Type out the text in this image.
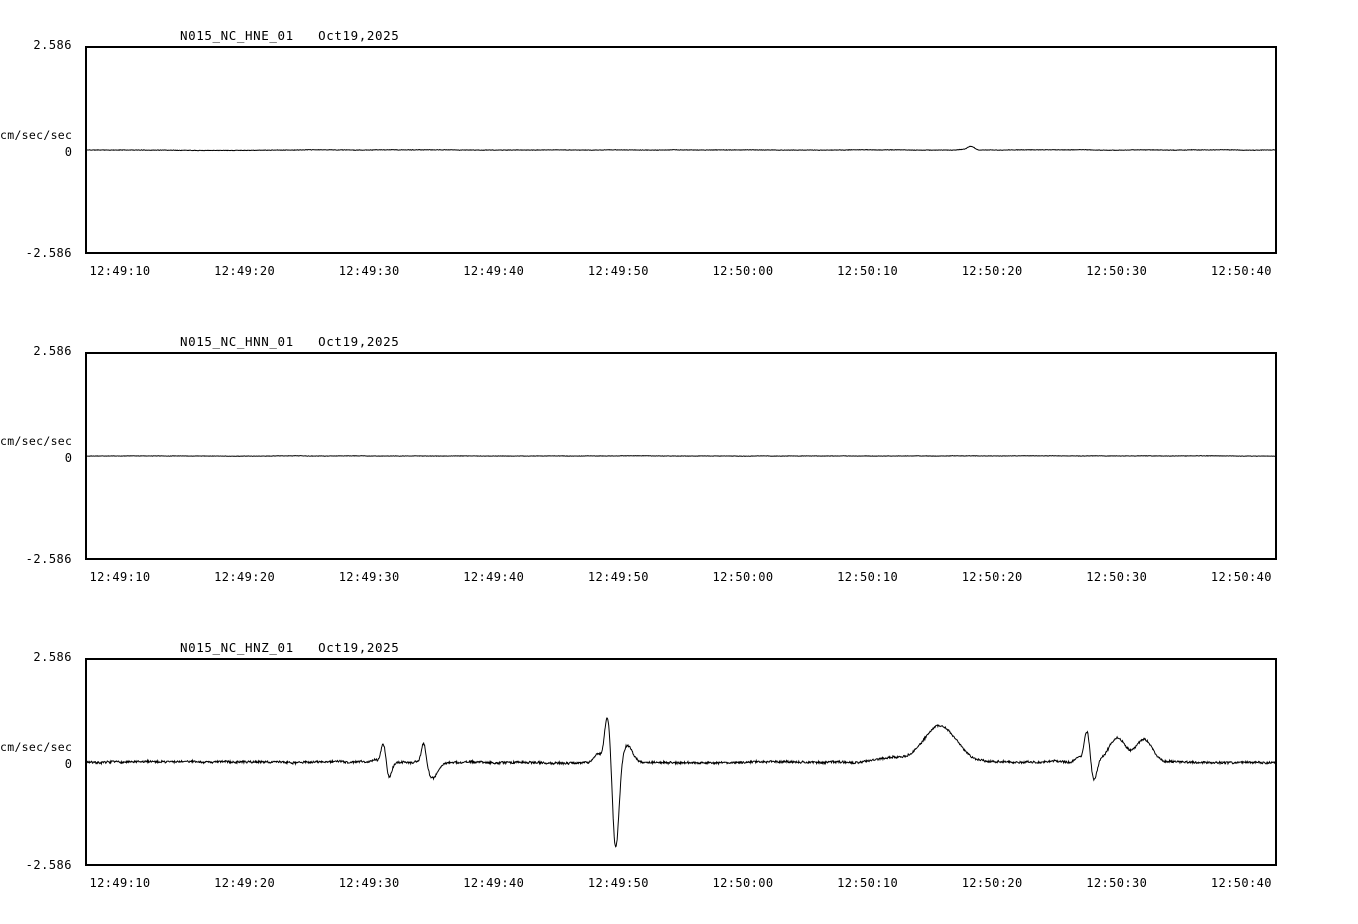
2.586
cm/sec/sec
0
-2.586
N015_NC_HNE_01   Oct19,2025
12:49:10	12:49:20	12:49:30	12:49:40	12:49:50	12:50:00	12:50:10	12:50:20	12:50:30	12:50:40
2.586
cm/sec/sec
0
-2.586
N015_NC_HNN_01   Oct19,2025
12:49:10	12:49:20	12:49:30	12:49:40	12:49:50	12:50:00	12:50:10	12:50:20	12:50:30	12:50:40
2.586
cm/sec/sec
0
-2.586
N015_NC_HNZ_01   Oct19,2025
12:49:10	12:49:20	12:49:30	12:49:40	12:49:50	12:50:00	12:50:10	12:50:20	12:50:30	12:50:40
